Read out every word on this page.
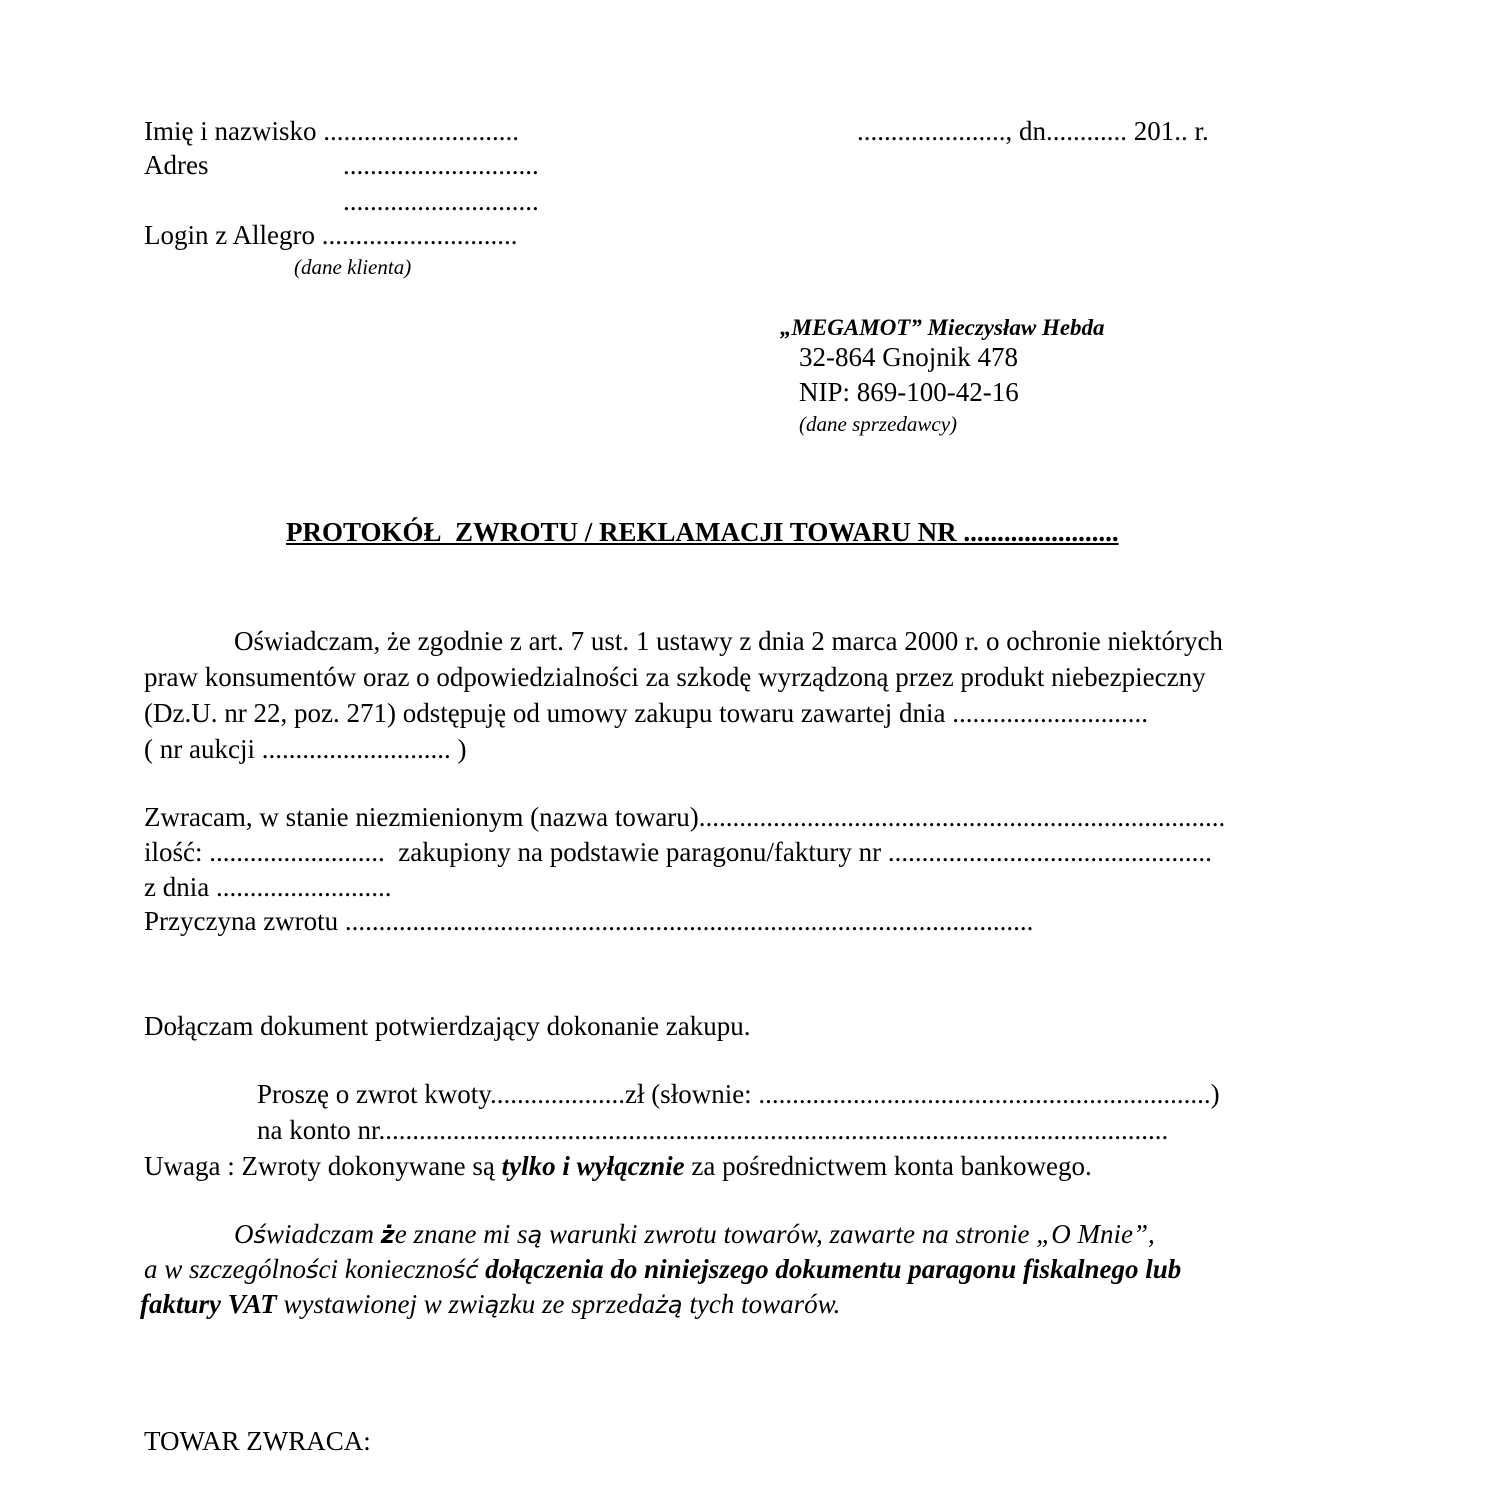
Imię i nazwisko .............................	......................, dn............ 201.. r.
Adres	.............................
.............................
Login z Allegro .............................
(dane klienta)
„MEGAMOT” Mieczysław Hebda
32-864 Gnojnik 478
NIP: 869-100-42-16
(dane sprzedawcy)
PROTOKÓŁ  ZWROTU / REKLAMACJI TOWARU NR .......................
Oświadczam, że zgodnie z art. 7 ust. 1 ustawy z dnia 2 marca 2000 r. o ochronie niektórych
praw konsumentów oraz o odpowiedzialności za szkodę wyrządzoną przez produkt niebezpieczny
(Dz.U. nr 22, poz. 271) odstępuję od umowy zakupu towaru zawartej dnia .............................
( nr aukcji ............................ )
Zwracam, w stanie niezmienionym (nazwa towaru)..............................................................................
ilość: ..........................  zakupiony na podstawie paragonu/faktury nr ................................................
z dnia ..........................
Przyczyna zwrotu ......................................................................................................
Dołączam dokument potwierdzający dokonanie zakupu.
Proszę o zwrot kwoty....................zł (słownie: ...................................................................)
na konto nr.....................................................................................................................
Uwaga : Zwroty dokonywane są tylko i wyłącznie za pośrednictwem konta bankowego.
Oświadczam że znane mi są warunki zwrotu towarów, zawarte na stronie „O Mnie”,
a w szczególności konieczność dołączenia do niniejszego dokumentu paragonu fiskalnego lub
faktury VAT wystawionej w związku ze sprzedażą tych towarów.
TOWAR ZWRACA:
